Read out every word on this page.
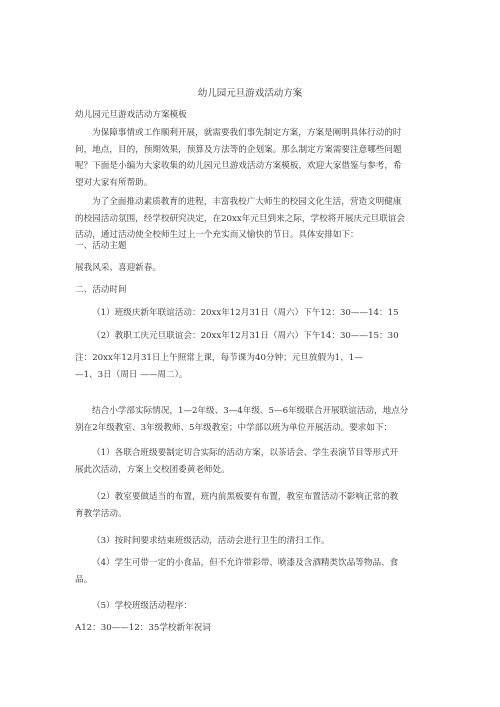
幼儿园元旦游戏活动方案
幼儿园元旦游戏活动方案模板
为保障事情或工作顺利开展，就需要我们事先制定方案，方案是阐明具体行动的时
间，地点，目的，预期效果，预算及方法等的企划案。那么制定方案需要注意哪些问题
呢？下面是小编为大家收集的幼儿园元旦游戏活动方案模板，欢迎大家借鉴与参考，希
望对大家有所帮助。
为了全面推动素质教育的进程，丰富我校广大师生的校园文化生活，营造文明健康
的校园活动氛围，经学校研究决定，在20xx年元旦到来之际，学校将开展庆元旦联谊会
活动，通过活动使全校师生过上一个充实而又愉快的节日。具体安排如下：
一、活动主题
展我风采、喜迎新春。
二、活动时间
（1）班级庆新年联谊活动：20xx年12月31日（周六）下午12：30——14：15
（2）教职工庆元旦联谊会：20xx年12月31日（周六）下午14：30——15：30
注：20xx年12月31日上午照常上课，每节课为40分钟；元旦放假为1、1—
—1、3日（周日 ——周二）。
结合小学部实际情况，1—2年级、3—4年级、5—6年级联合开展联谊活动，地点分
别在2年级教室、3年级教师、5年级教室；中学部以班为单位开展活动。要求如下：
（1）各联合班级要制定切合实际的活动方案，以茶话会、学生表演节目等形式开
展此次活动，方案上交校团委黄老师处。
（2）教室要做适当的布置，班内前黑板要有布置，教室布置活动不影响正常的教
育教学活动。
（3）按时间要求结束班级活动，活动会进行卫生的清扫工作。
（4）学生可带一定的小食品，但不允许带彩带、喷漆及含酒精类饮品等物品、食
品。
（5）学校班级活动程序：
A12：30——12：35学校新年祝词
